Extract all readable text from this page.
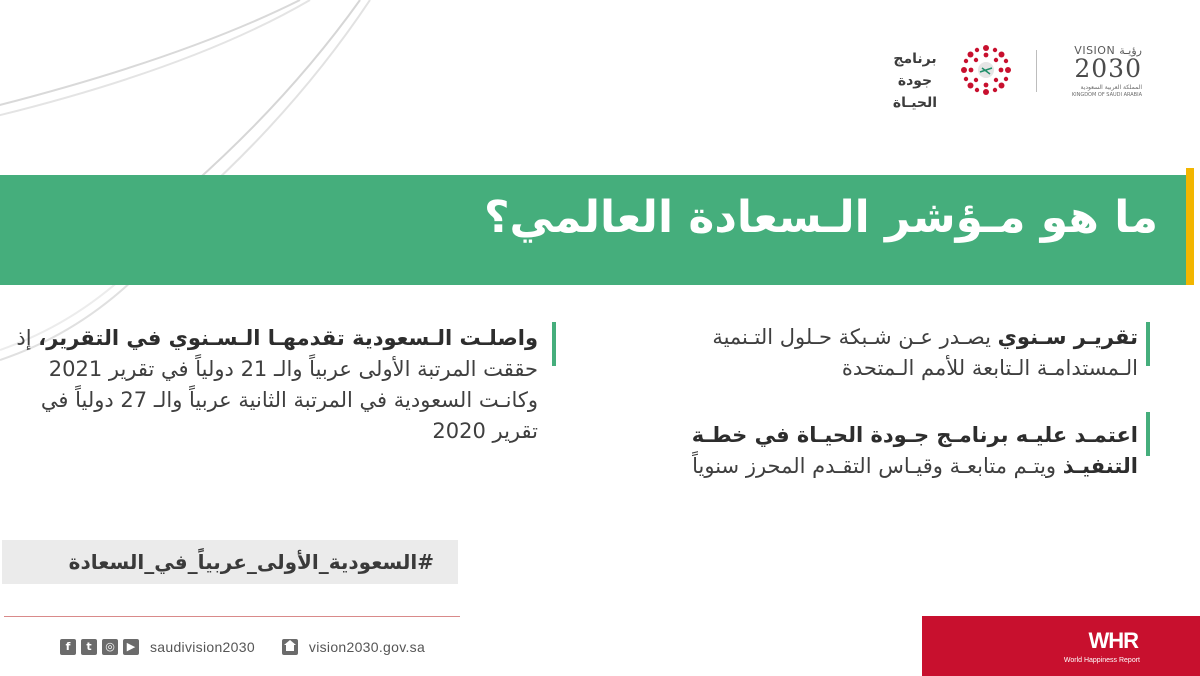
VISION رؤيـة
2030
المملكة العربية السعودية
KINGDOM OF SAUDI ARABIA
برنامج جودة
الحيـاة
ما هو مـؤشر الـسعادة العالمي؟
تقريـر سـنوي يصـدر عـن شـبكة حـلول التـنمية الـمستدامـة الـتابعة للأمم الـمتحدة
اعتمـد عليـه برنامـج جـودة الحيـاة في خطـة التنفيـذ ويتـم متابعـة وقيـاس التقـدم المحرز سنوياً
واصلـت الـسعودية تقدمهـا الـسـنوي في التقرير، إذ حققت المرتبة الأولى عربياً والـ 21 دولياً في تقرير 2021 وكانـت السعودية في المرتبة الثانية عربياً والـ 27 دولياً في تقرير 2020
#السعودية_الأولى_عربياً_في_السعادة
f	t	◎	▶ saudivision2030	vision2030.gov.sa	WHR
World Happiness Report
